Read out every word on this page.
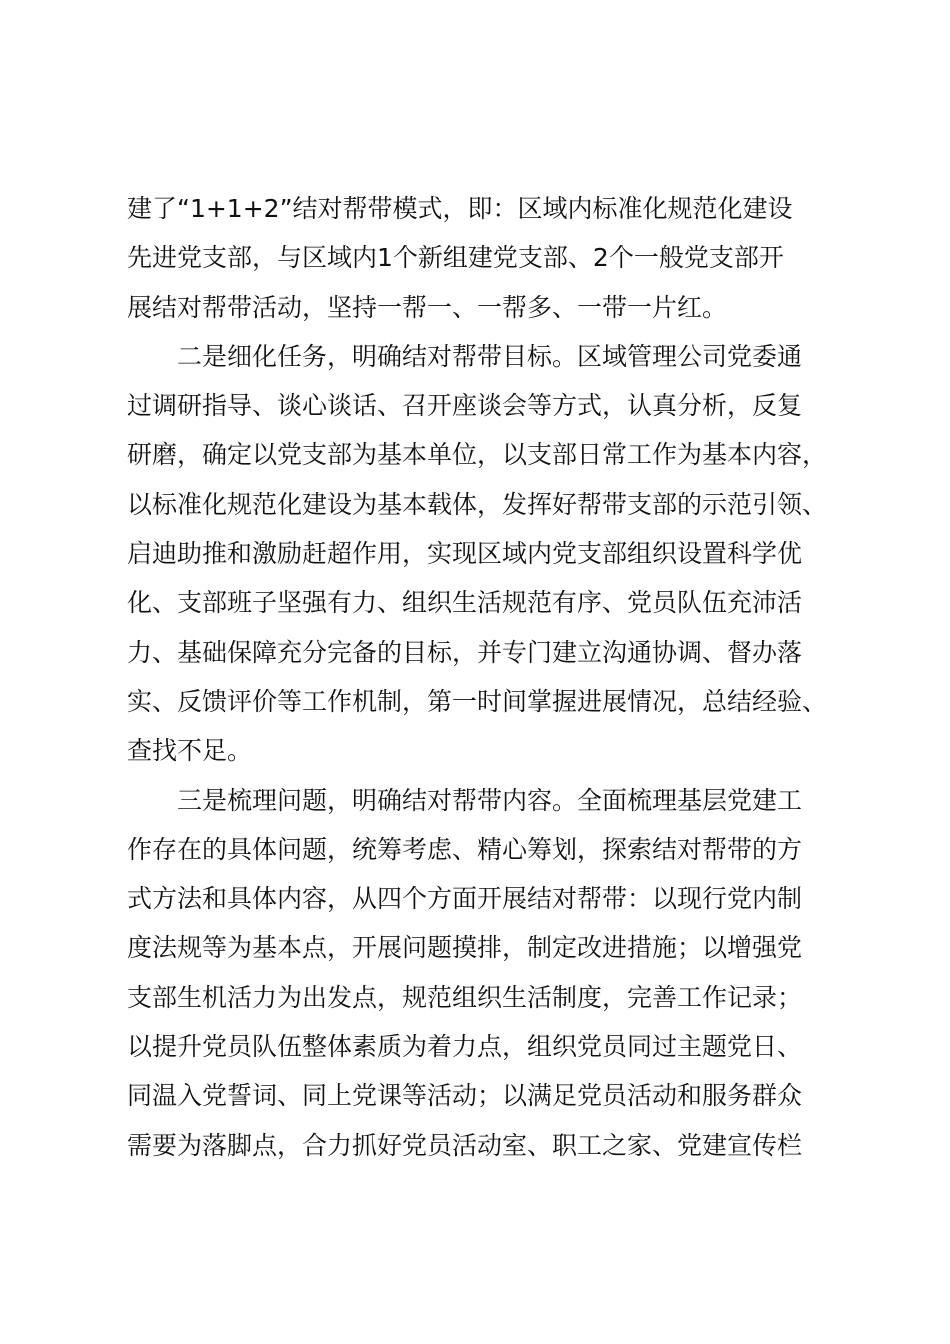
建了“1+1+2”结对帮带模式，即：区域内标准化规范化建设
先进党支部，与区域内1个新组建党支部、2个一般党支部开
展结对帮带活动，坚持一帮一、一帮多、一带一片红。
二是细化任务，明确结对帮带目标。区域管理公司党委通
过调研指导、谈心谈话、召开座谈会等方式，认真分析，反复
研磨，确定以党支部为基本单位，以支部日常工作为基本内容，
以标准化规范化建设为基本载体，发挥好帮带支部的示范引领、
启迪助推和激励赶超作用，实现区域内党支部组织设置科学优
化、支部班子坚强有力、组织生活规范有序、党员队伍充沛活
力、基础保障充分完备的目标，并专门建立沟通协调、督办落
实、反馈评价等工作机制，第一时间掌握进展情况，总结经验、
查找不足。
三是梳理问题，明确结对帮带内容。全面梳理基层党建工
作存在的具体问题，统筹考虑、精心筹划，探索结对帮带的方
式方法和具体内容，从四个方面开展结对帮带：以现行党内制
度法规等为基本点，开展问题摸排，制定改进措施；以增强党
支部生机活力为出发点，规范组织生活制度，完善工作记录；
以提升党员队伍整体素质为着力点，组织党员同过主题党日、
同温入党誓词、同上党课等活动；以满足党员活动和服务群众
需要为落脚点，合力抓好党员活动室、职工之家、党建宣传栏
